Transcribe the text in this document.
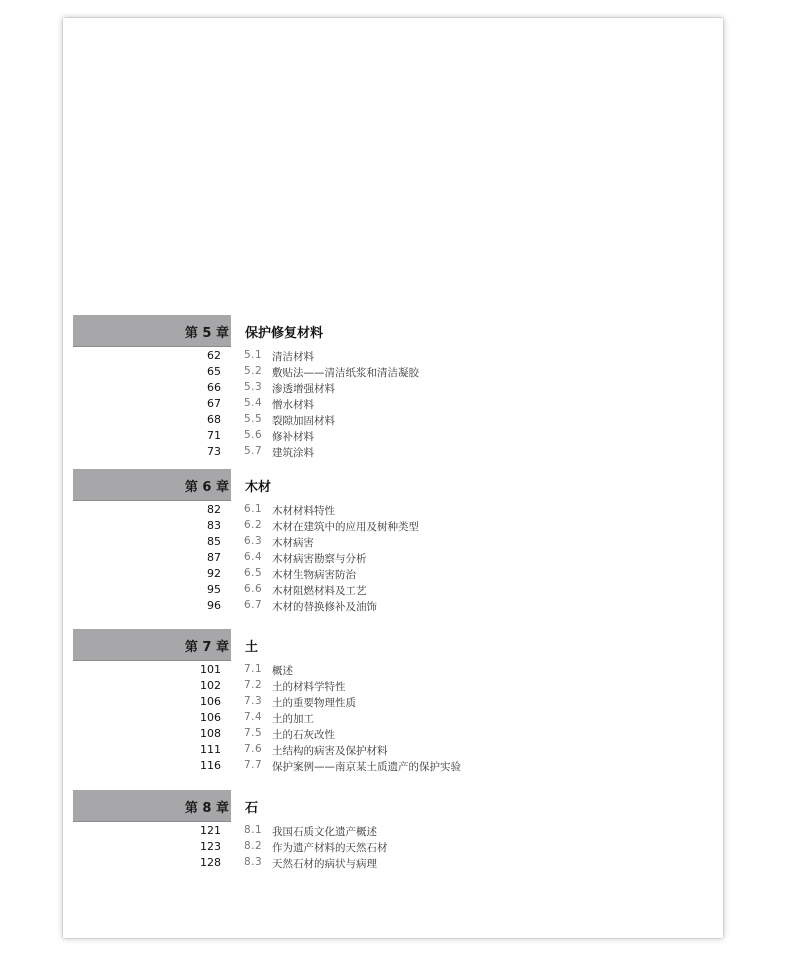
第 5 章 保护修复材料
62 5.1 清洁材料
65 5.2 敷贴法——清洁纸浆和清洁凝胶
66 5.3 渗透增强材料
67 5.4 憎水材料
68 5.5 裂隙加固材料
71 5.6 修补材料
73 5.7 建筑涂料
第 6 章 木材
82 6.1 木材材料特性
83 6.2 木材在建筑中的应用及树种类型
85 6.3 木材病害
87 6.4 木材病害勘察与分析
92 6.5 木材生物病害防治
95 6.6 木材阻燃材料及工艺
96 6.7 木材的替换修补及油饰
第 7 章 土
101 7.1 概述
102 7.2 土的材料学特性
106 7.3 土的重要物理性质
106 7.4 土的加工
108 7.5 土的石灰改性
111 7.6 土结构的病害及保护材料
116 7.7 保护案例——南京某土质遗产的保护实验
第 8 章 石
121 8.1 我国石质文化遗产概述
123 8.2 作为遗产材料的天然石材
128 8.3 天然石材的病状与病理
